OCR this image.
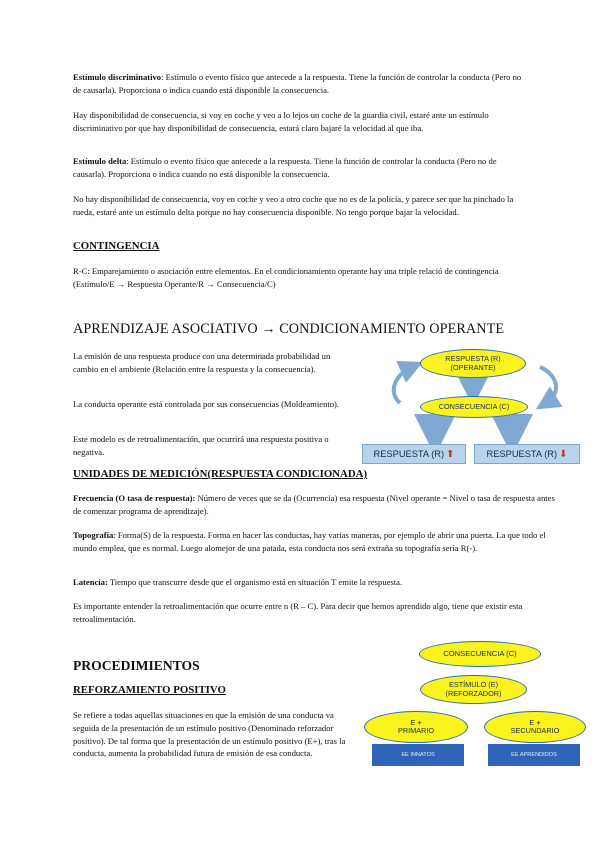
Estímulo discriminativo: Estímulo o evento físico que antecede a la respuesta. Tiene la función de controlar la conducta (Pero no de causarla). Proporciona o indica cuando está disponible la consecuencia.

Hay disponibilidad de consecuencia, si voy en coche y veo a lo lejos un coche de la guardia civil, estaré ante un estímulo discriminativo por que hay disponibilidad de consecuencia, estará claro bajaré la velocidad al que iba.

Estímulo delta: Estímulo o evento físico que antecede a la respuesta. Tiene la función de controlar la conducta (Pero no de causarla). Proporciona o indica cuando no está disponible la consecuencia.

No hay disponibilidad de consecuencia, voy en coche y veo a otro coche que no es de la policía, y parece ser que ha pinchado la rueda, estaré ante un estímulo delta porque no hay consecuencia disponible. No tengo porque bajar la velocidad.

CONTINGENCIA

R-C: Emparejamiento o asociación entre elementos. En el condicionamiento operante hay una triple relació de contingencia (Estímulo/E → Respuesta Operante/R → Consecuencia/C)

APRENDIZAJE ASOCIATIVO → CONDICIONAMIENTO OPERANTE

La emisión de una respuesta produce con una determinada probabilidad un cambio en el ambiente (Relación entre la respuesta y la consecuencia).

La conducta operante está controlada por sus consecuencias (Moldeamiento).

Este modelo es de retroalimentación, que ocurrirá una respuesta positiva o negativa.

RESPUESTA (R)
(OPERANTE)
CONSECUENCIA (C)
RESPUESTA (R) ⬆	RESPUESTA (R) ⬇
UNIDADES DE MEDICIÓN(RESPUESTA CONDICIONADA)

Frecuencia (O tasa de respuesta): Número de veces que se da (Ocurrencia) esa respuesta (Nivel operante = Nivel o tasa de respuesta antes de comenzar programa de aprendizaje).

Topografía: Forma(S) de la respuesta. Forma en hacer las conductas, hay varias maneras, por ejemplo de abrir una puerta. La que todo el mundo emplea, que es normal. Luego alomejor de una patada, esta conducta nos será extraña su topografía sería R(-).

Latencia: Tiempo que transcurre desde que el organismo está en situación T emite la respuesta.

Es importante entender la retroalimentación que ocurre entre n (R – C). Para decir que hemos aprendido algo, tiene que existir esta retroalimentación.

PROCEDIMIENTOS
REFORZAMIENTO POSITIVO

Se refiere a todas aquellas situaciones en que la emisión de una conducta va seguida de la presentación de un estímulo positivo (Denominado reforzador positivo). De tal forma que la presentación de un estímulo positivo (E+), tras la conducta, aumenta la probabilidad futura de emisión de esa conducta.

CONSECUENCIA (C)
ESTÍMULO (E)
(REFORZADOR)
E +
PRIMARIO
E +
SECUNDARIO
EE INNATOS	EE APRENDIDOS
